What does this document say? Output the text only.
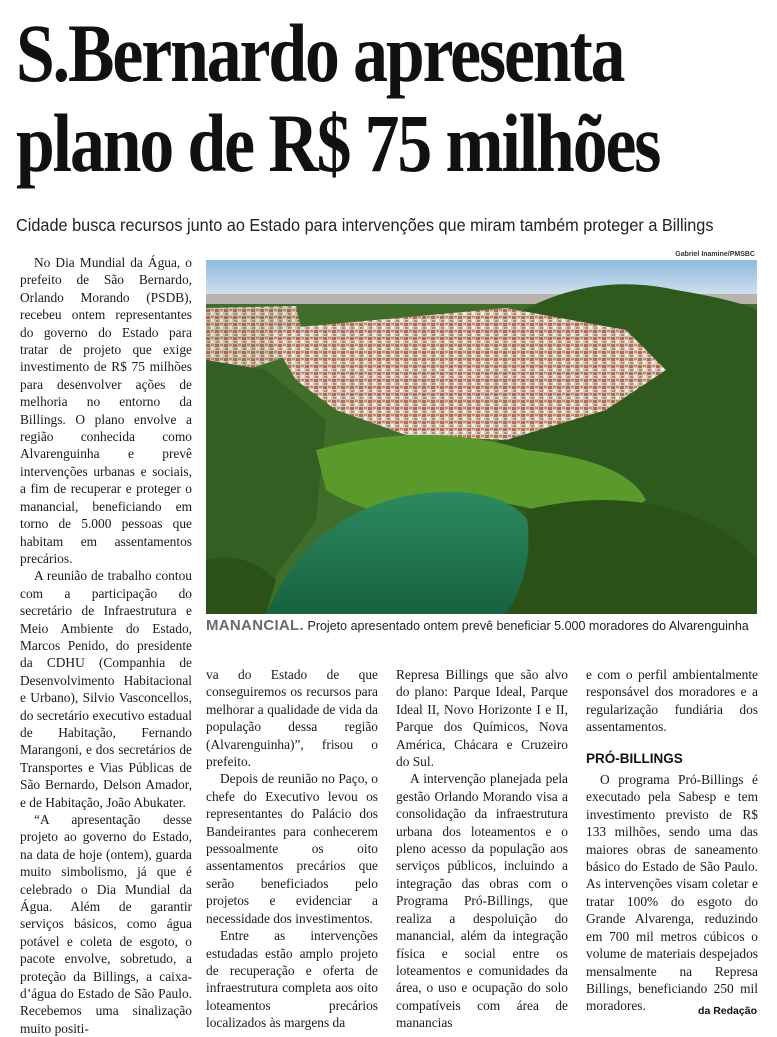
S.Bernardo apresenta
plano de R$ 75 milhões

Cidade busca recursos junto ao Estado para intervenções que miram também proteger a Billings

Gabriel Inamine/PMSBC
MANANCIAL. Projeto apresentado ontem prevê beneficiar 5.000 moradores do Alvarenguinha

No Dia Mundial da Água, o prefeito de São Bernardo, Orlando Morando (PSDB), recebeu ontem representantes do governo do Estado para tratar de projeto que exige investimento de R$ 75 milhões para desenvolver ações de melhoria no entorno da Billings. O plano envolve a região conhecida como Alvarenguinha e prevê intervenções urbanas e sociais, a fim de recuperar e proteger o manancial, beneficiando em torno de 5.000 pessoas que habitam em assentamentos precários.

A reunião de trabalho contou com a participação do secretário de Infraestrutura e Meio Ambiente do Estado, Marcos Penido, do presidente da CDHU (Companhia de Desenvolvimento Habitacional e Urbano), Silvio Vasconcellos, do secretário executivo estadual de Habitação, Fernando Marangoni, e dos secretários de Transportes e Vias Públicas de São Bernardo, Delson Amador, e de Habitação, João Abukater.

“A apresentação desse projeto ao governo do Estado, na data de hoje (ontem), guarda muito simbolismo, já que é celebrado o Dia Mundial da Água. Além de garantir serviços básicos, como água potável e coleta de esgoto, o pacote envolve, sobretudo, a proteção da Billings, a caixa-d’água do Estado de São Paulo. Recebemos uma sinalização muito positi-

va do Estado de que conseguiremos os recursos para melhorar a qualidade de vida da população dessa região (Alvarenguinha)”, frisou o prefeito.

Depois de reunião no Paço, o chefe do Executivo levou os representantes do Palácio dos Bandeirantes para conhecerem pessoalmente os oito assentamentos precários que serão beneficiados pelo projetos e evidenciar a necessidade dos investimentos.

Entre as intervenções estudadas estão amplo projeto de recuperação e oferta de infraestrutura completa aos oito loteamentos precários localizados às margens da

Represa Billings que são alvo do plano: Parque Ideal, Parque Ideal II, Novo Horizonte I e II, Parque dos Químicos, Nova América, Chácara e Cruzeiro do Sul.

A intervenção planejada pela gestão Orlando Morando visa a consolidação da infraestrutura urbana dos loteamentos e o pleno acesso da população aos serviços públicos, incluindo a integração das obras com o Programa Pró-Billings, que realiza a despoluição do manancial, além da integração física e social entre os loteamentos e comunidades da área, o uso e ocupação do solo compatíveis com área de manancias

e com o perfil ambientalmente responsável dos moradores e a regularização fundiária dos assentamentos.

PRÓ-BILLINGS

O programa Pró-Billings é executado pela Sabesp e tem investimento previsto de R$ 133 milhões, sendo uma das maiores obras de saneamento básico do Estado de São Paulo. As intervenções visam coletar e tratar 100% do esgoto do Grande Alvarenga, reduzindo em 700 mil metros cúbicos o volume de materiais despejados mensalmente na Represa Billings, beneficiando 250 mil moradores.	da Redação
